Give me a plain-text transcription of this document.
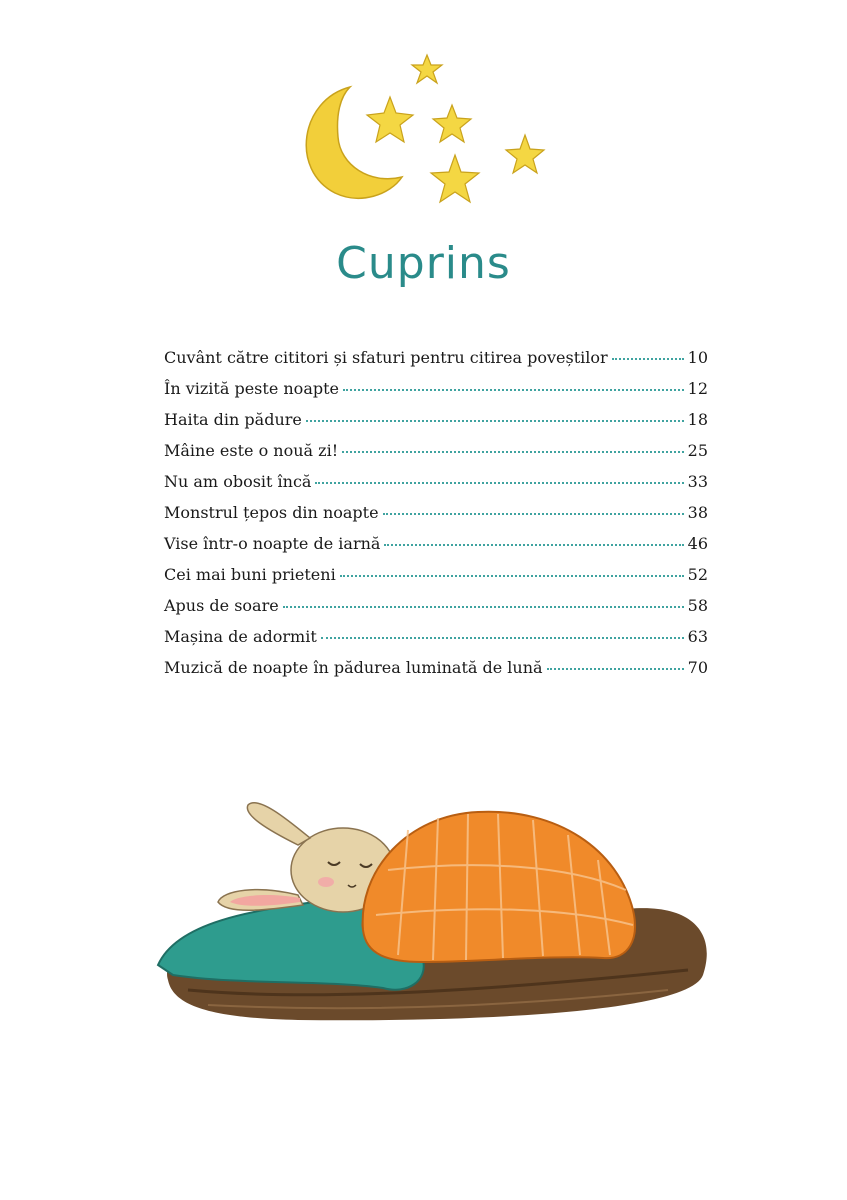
Cuprins
Cuvânt către cititori și sfaturi pentru citirea poveștilor	10
În vizită peste noapte	12
Haita din pădure	18
Mâine este o nouă zi!	25
Nu am obosit încă	33
Monstrul țepos din noapte	38
Vise într-o noapte de iarnă	46
Cei mai buni prieteni	52
Apus de soare	58
Mașina de adormit	63
Muzică de noapte în pădurea luminată de lună	70
